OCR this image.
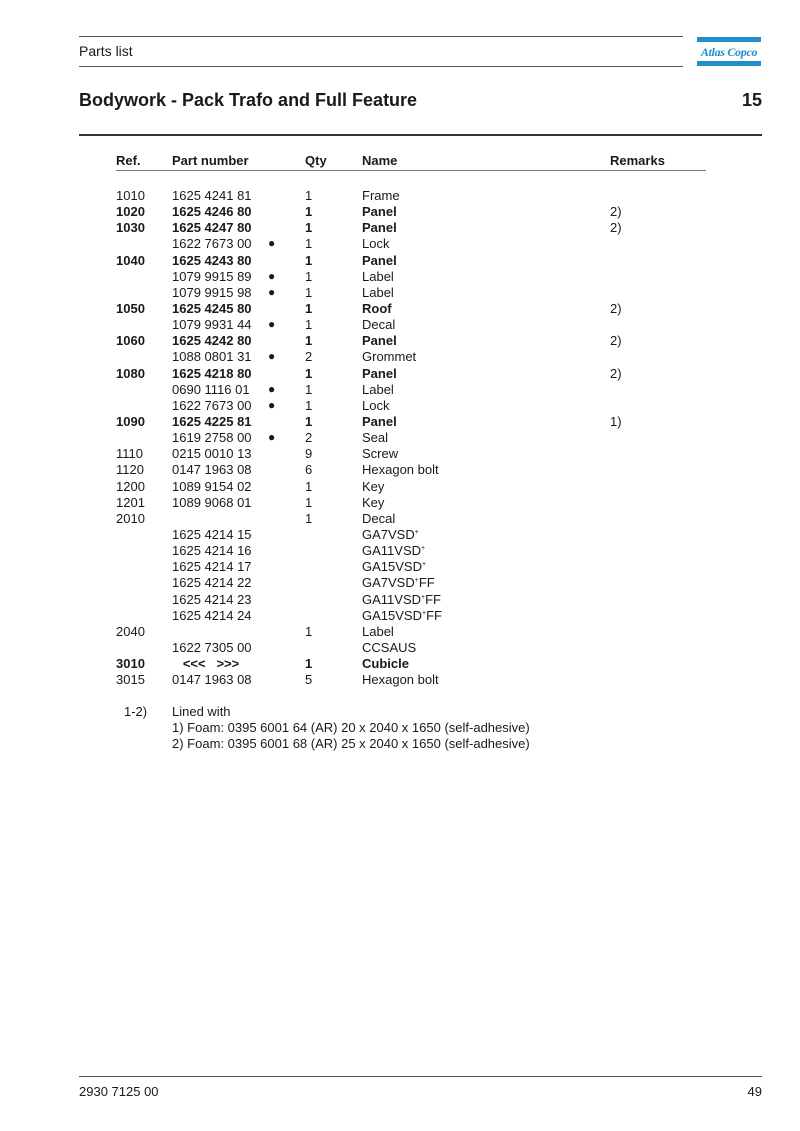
Parts list	Atlas Copco
Bodywork - Pack Trafo and Full Feature	15
Ref. Part number	Qty	Name	Remarks
1010 1625 4241 81	1	Frame
1020 1625 4246 80	1	Panel	2)
1030 1625 4247 80	1	Panel	2)
1622 7673 00 ● 1	Lock
1040 1625 4243 80	1	Panel
1079 9915 89 ● 1	Label
1079 9915 98 ● 1	Label
1050 1625 4245 80	1	Roof	2)
1079 9931 44 ● 1	Decal
1060 1625 4242 80	1	Panel	2)
1088 0801 31 ● 2	Grommet
1080 1625 4218 80	1	Panel	2)
0690 1116 01 ● 1	Label
1622 7673 00 ● 1	Lock
1090 1625 4225 81	1	Panel	1)
1619 2758 00 ● 2	Seal
1110 0215 0010 13	9	Screw
1120 0147 1963 08	6	Hexagon bolt
1200 1089 9154 02	1	Key
1201 1089 9068 01	1	Key
2010	1	Decal
1625 4214 15	GA7VSD+
1625 4214 16	GA11VSD+
1625 4214 17	GA15VSD+
1625 4214 22	GA7VSD+FF
1625 4214 23	GA11VSD+FF
1625 4214 24	GA15VSD+FF
2040	1	Label
1622 7305 00	CCSAUS
3010 <<<   >>>	1	Cubicle
3015 0147 1963 08	5	Hexagon bolt
1-2) Lined with
1) Foam: 0395 6001 64 (AR) 20 x 2040 x 1650 (self-adhesive)
2) Foam: 0395 6001 68 (AR) 25 x 2040 x 1650 (self-adhesive)
2930 7125 00	49
